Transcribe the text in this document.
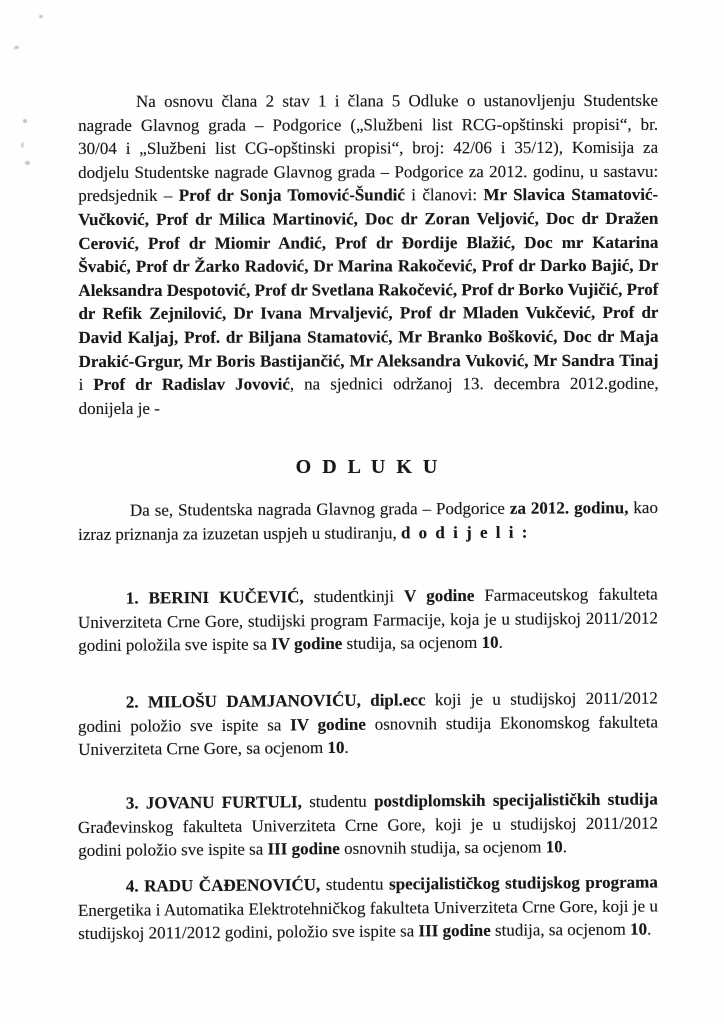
Na osnovu člana 2 stav 1 i člana 5 Odluke o ustanovljenju Studentske nagrade Glavnog grada – Podgorice („Službeni list RCG-opštinski propisi“, br. 30/04 i „Službeni list CG-opštinski propisi“, broj: 42/06 i 35/12), Komisija za dodjelu Studentske nagrade Glavnog grada – Podgorice za 2012. godinu, u sastavu: predsjednik – Prof dr Sonja Tomović-Šundić i članovi: Mr Slavica Stamatović-Vučković, Prof dr Milica Martinović, Doc dr Zoran Veljović, Doc dr Dražen Cerović, Prof dr Miomir Anđić, Prof dr Đordije Blažić, Doc mr Katarina Švabić, Prof dr Žarko Radović, Dr Marina Rakočević, Prof dr Darko Bajić, Dr Aleksandra Despotović, Prof dr Svetlana Rakočević, Prof dr Borko Vujičić, Prof dr Refik Zejnilović, Dr Ivana Mrvaljević, Prof dr Mladen Vukčević, Prof dr David Kaljaj, Prof. dr Biljana Stamatović, Mr Branko Bošković, Doc dr Maja Drakić-Grgur, Mr Boris Bastijančić, Mr Aleksandra Vuković, Mr Sandra Tinaj i Prof dr Radislav Jovović, na sjednici održanoj 13. decembra 2012.godine, donijela je -

O D L U K U

Da se, Studentska nagrada Glavnog grada – Podgorice za 2012. godinu, kao izraz priznanja za izuzetan uspjeh u studiranju, d o d i j e l i :

1. BERINI KUČEVIĆ, studentkinji V godine Farmaceutskog fakulteta Univerziteta Crne Gore, studijski program Farmacije, koja je u studijskoj 2011/2012 godini položila sve ispite sa IV godine studija, sa ocjenom 10.

2. MILOŠU DAMJANOVIĆU, dipl.ecc koji je u studijskoj 2011/2012 godini položio sve ispite sa IV godine osnovnih studija Ekonomskog fakulteta Univerziteta Crne Gore, sa ocjenom 10.

3. JOVANU FURTULI, studentu postdiplomskih specijalističkih studija Građevinskog fakulteta Univerziteta Crne Gore, koji je u studijskoj 2011/2012 godini položio sve ispite sa III godine osnovnih studija, sa ocjenom 10.

4. RADU ČAĐENOVIĆU, studentu specijalističkog studijskog programa Energetika i Automatika Elektrotehničkog fakulteta Univerziteta Crne Gore, koji je u studijskoj 2011/2012 godini, položio sve ispite sa III godine studija, sa ocjenom 10.
